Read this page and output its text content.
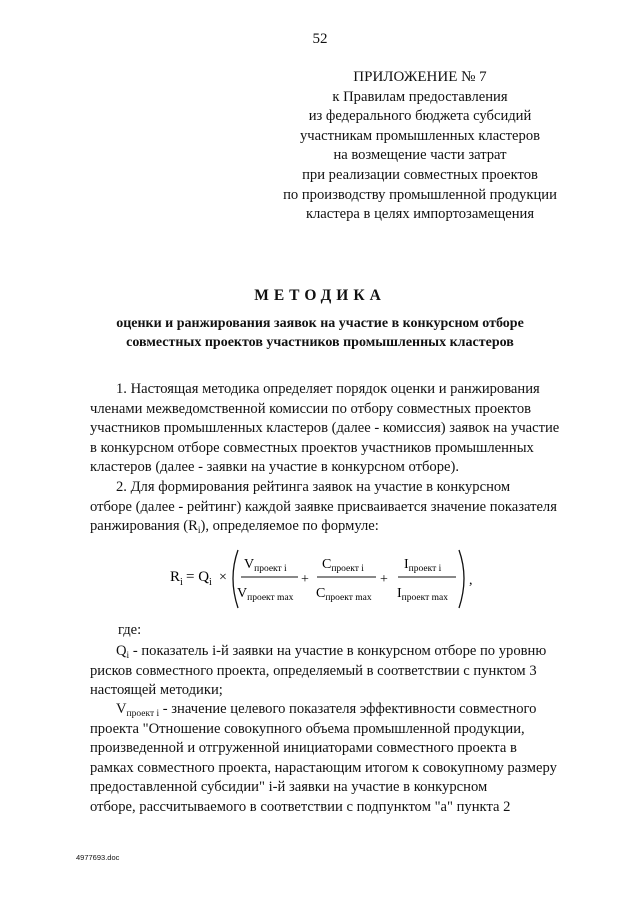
52
ПРИЛОЖЕНИЕ № 7
к Правилам предоставления
из федерального бюджета субсидий
участникам промышленных кластеров
на возмещение части затрат
при реализации совместных проектов
по производству промышленной продукции
кластера в целях импортозамещения
МЕТОДИКА
оценки и ранжирования заявок на участие в конкурсном отборе
совместных проектов участников промышленных кластеров
1. Настоящая методика определяет порядок оценки и ранжирования
членами межведомственной комиссии по отбору совместных проектов
участников промышленных кластеров (далее - комиссия) заявок на участие
в конкурсном отборе совместных проектов участников промышленных
кластеров (далее - заявки на участие в конкурсном отборе).
2. Для формирования рейтинга заявок на участие в конкурсном
отборе (далее - рейтинг) каждой заявке присваивается значение показателя
ранжирования $(R_i)$, определяемое по формуле:
$R_i = Q_i$ ×
$V_{проект i}$
$V_{проект max}$
+
$C_{проект i}$
$C_{проект max}$
+
$I_{проект i}$
$I_{проект max}$
,
где:
$Q_i$ - показатель i-й заявки на участие в конкурсном отборе по уровню
рисков совместного проекта, определяемый в соответствии с пунктом 3
настоящей методики;
$V_{проект i}$ - значение целевого показателя эффективности совместного
проекта "Отношение совокупного объема промышленной продукции,
произведенной и отгруженной инициаторами совместного проекта в
рамках совместного проекта, нарастающим итогом к совокупному размеру
предоставленной субсидии" i-й заявки на участие в конкурсном
отборе, рассчитываемого в соответствии с подпунктом "а" пункта 2
4977693.doc
